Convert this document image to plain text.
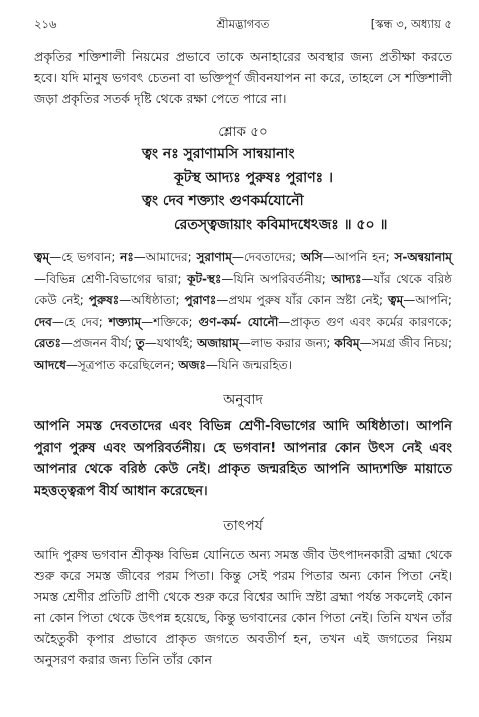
২১৬	শ্রীমদ্ভাগবত	[স্কন্ধ ৩, অধ্যায় ৫

প্রকৃতির শক্তিশালী নিয়মের প্রভাবে তাকে অনাহারের অবস্থার জন্য প্রতীক্ষা করতে হবে। যদি মানুষ ভগবৎ চেতনা বা ভক্তিপূর্ণ জীবনযাপন না করে, তাহলে সে শক্তিশালী জড়া প্রকৃতির সতর্ক দৃষ্টি থেকে রক্ষা পেতে পারে না।

শ্লোক ৫০
ত্বং নঃ সুরাণামসি সান্বয়ানাং
কূটস্থ আদ্যঃ পুরুষঃ পুরাণঃ ।
ত্বং দেব শক্ত্যাং গুণকর্মযোনৌ
রেতস্ত্বজায়াং কবিমাদধেঽজঃ ॥ ৫০ ॥
ত্বম্—হে ভগবান; নঃ—আমাদের; সুরাণাম্—দেবতাদের; অসি—আপনি হন; স-অন্বয়ানাম্—বিভিন্ন শ্রেণী-বিভাগের দ্বারা; কূট-স্থঃ—যিনি অপরিবর্তনীয়; আদ্যঃ—যাঁর থেকে বরিষ্ঠ কেউ নেই; পুরুষঃ—অধিষ্ঠাতা; পুরাণঃ—প্রথম পুরুষ যাঁর কোন স্রষ্টা নেই; ত্বম্—আপনি; দেব—হে দেব; শক্ত্যাম্—শক্তিকে; গুণ-কর্ম- যোনৌ—প্রাকৃত গুণ এবং কর্মের কারণকে; রেতঃ—প্রজনন বীর্য; তু—যথার্থই; অজায়াম্—লাভ করার জন্য; কবিম্—সমগ্র জীব নিচয়; আদধে—সূত্রপাত করেছিলেন; অজঃ—যিনি জন্মরহিত।
অনুবাদ

আপনি সমস্ত দেবতাদের এবং বিভিন্ন শ্রেণী-বিভাগের আদি অধিষ্ঠাতা। আপনি পুরাণ পুরুষ এবং অপরিবর্তনীয়। হে ভগবান! আপনার কোন উৎস নেই এবং আপনার থেকে বরিষ্ঠ কেউ নেই। প্রাকৃত জন্মরহিত আপনি আদ্যশক্তি মায়াতে মহত্তত্ত্বরূপ বীর্য আধান করেছেন।

তাৎপর্য

আদি পুরুষ ভগবান শ্রীকৃষ্ণ বিভিন্ন যোনিতে অন্য সমস্ত জীব উৎপাদনকারী ব্রহ্মা থেকে শুরু করে সমস্ত জীবের পরম পিতা। কিন্তু সেই পরম পিতার অন্য কোন পিতা নেই। সমস্ত শ্রেণীর প্রতিটি প্রাণী থেকে শুরু করে বিশ্বের আদি স্রষ্টা ব্রহ্মা পর্যন্ত সকলেই কোন না কোন পিতা থেকে উৎপন্ন হয়েছে, কিন্তু ভগবানের কোন পিতা নেই। তিনি যখন তাঁর অহৈতুকী কৃপার প্রভাবে প্রাকৃত জগতে অবতীর্ণ হন, তখন এই জগতের নিয়ম অনুসরণ করার জন্য তিনি তাঁর কোন
